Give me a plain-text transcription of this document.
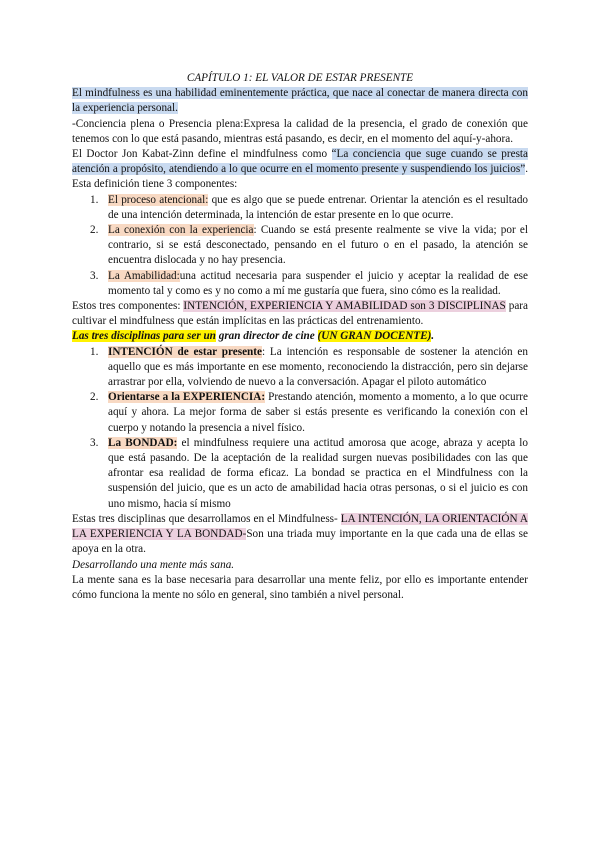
CAPÍTULO 1: EL VALOR DE ESTAR PRESENTE

El mindfulness es una habilidad eminentemente práctica, que nace al conectar de manera directa con la experiencia personal.

-Conciencia plena o Presencia plena:Expresa la calidad de la presencia, el grado de conexión que tenemos con lo que está pasando, mientras está pasando, es decir, en el momento del aquí-y-ahora.

El Doctor Jon Kabat-Zinn define el mindfulness como “La conciencia que suge cuando se presta atención a propósito, atendiendo a lo que ocurre en el momento presente y suspendiendo los juicios”. Esta definición tiene 3 componentes:

1. El proceso atencional: que es algo que se puede entrenar. Orientar la atención es el resultado de una intención determinada, la intención de estar presente en lo que ocurre.
2. La conexión con la experiencia: Cuando se está presente realmente se vive la vida; por el contrario, si se está desconectado, pensando en el futuro o en el pasado, la atención se encuentra dislocada y no hay presencia.
3. La Amabilidad:una actitud necesaria para suspender el juicio y aceptar la realidad de ese momento tal y como es y no como a mí me gustaría que fuera, sino cómo es la realidad.

Estos tres componentes: INTENCIÓN, EXPERIENCIA Y AMABILIDAD son 3 DISCIPLINAS para cultivar el mindfulness que están implícitas en las prácticas del entrenamiento.

Las tres disciplinas para ser un gran director de cine (UN GRAN DOCENTE).

1. INTENCIÓN de estar presente: La intención es responsable de sostener la atención en aquello que es más importante en ese momento, reconociendo la distracción, pero sin dejarse arrastrar por ella, volviendo de nuevo a la conversación. Apagar el piloto automático
2. Orientarse a la EXPERIENCIA: Prestando atención, momento a momento, a lo que ocurre aquí y ahora. La mejor forma de saber si estás presente es verificando la conexión con el cuerpo y notando la presencia a nivel físico.
3. La BONDAD: el mindfulness requiere una actitud amorosa que acoge, abraza y acepta lo que está pasando. De la aceptación de la realidad surgen nuevas posibilidades con las que afrontar esa realidad de forma eficaz. La bondad se practica en el Mindfulness con la suspensión del juicio, que es un acto de amabilidad hacia otras personas, o si el juicio es con uno mismo, hacia sí mismo

Estas tres disciplinas que desarrollamos en el Mindfulness- LA INTENCIÓN, LA ORIENTACIÓN A LA EXPERIENCIA Y LA BONDAD-Son una triada muy importante en la que cada una de ellas se apoya en la otra.

Desarrollando una mente más sana.

La mente sana es la base necesaria para desarrollar una mente feliz, por ello es importante entender cómo funciona la mente no sólo en general, sino también a nivel personal.
